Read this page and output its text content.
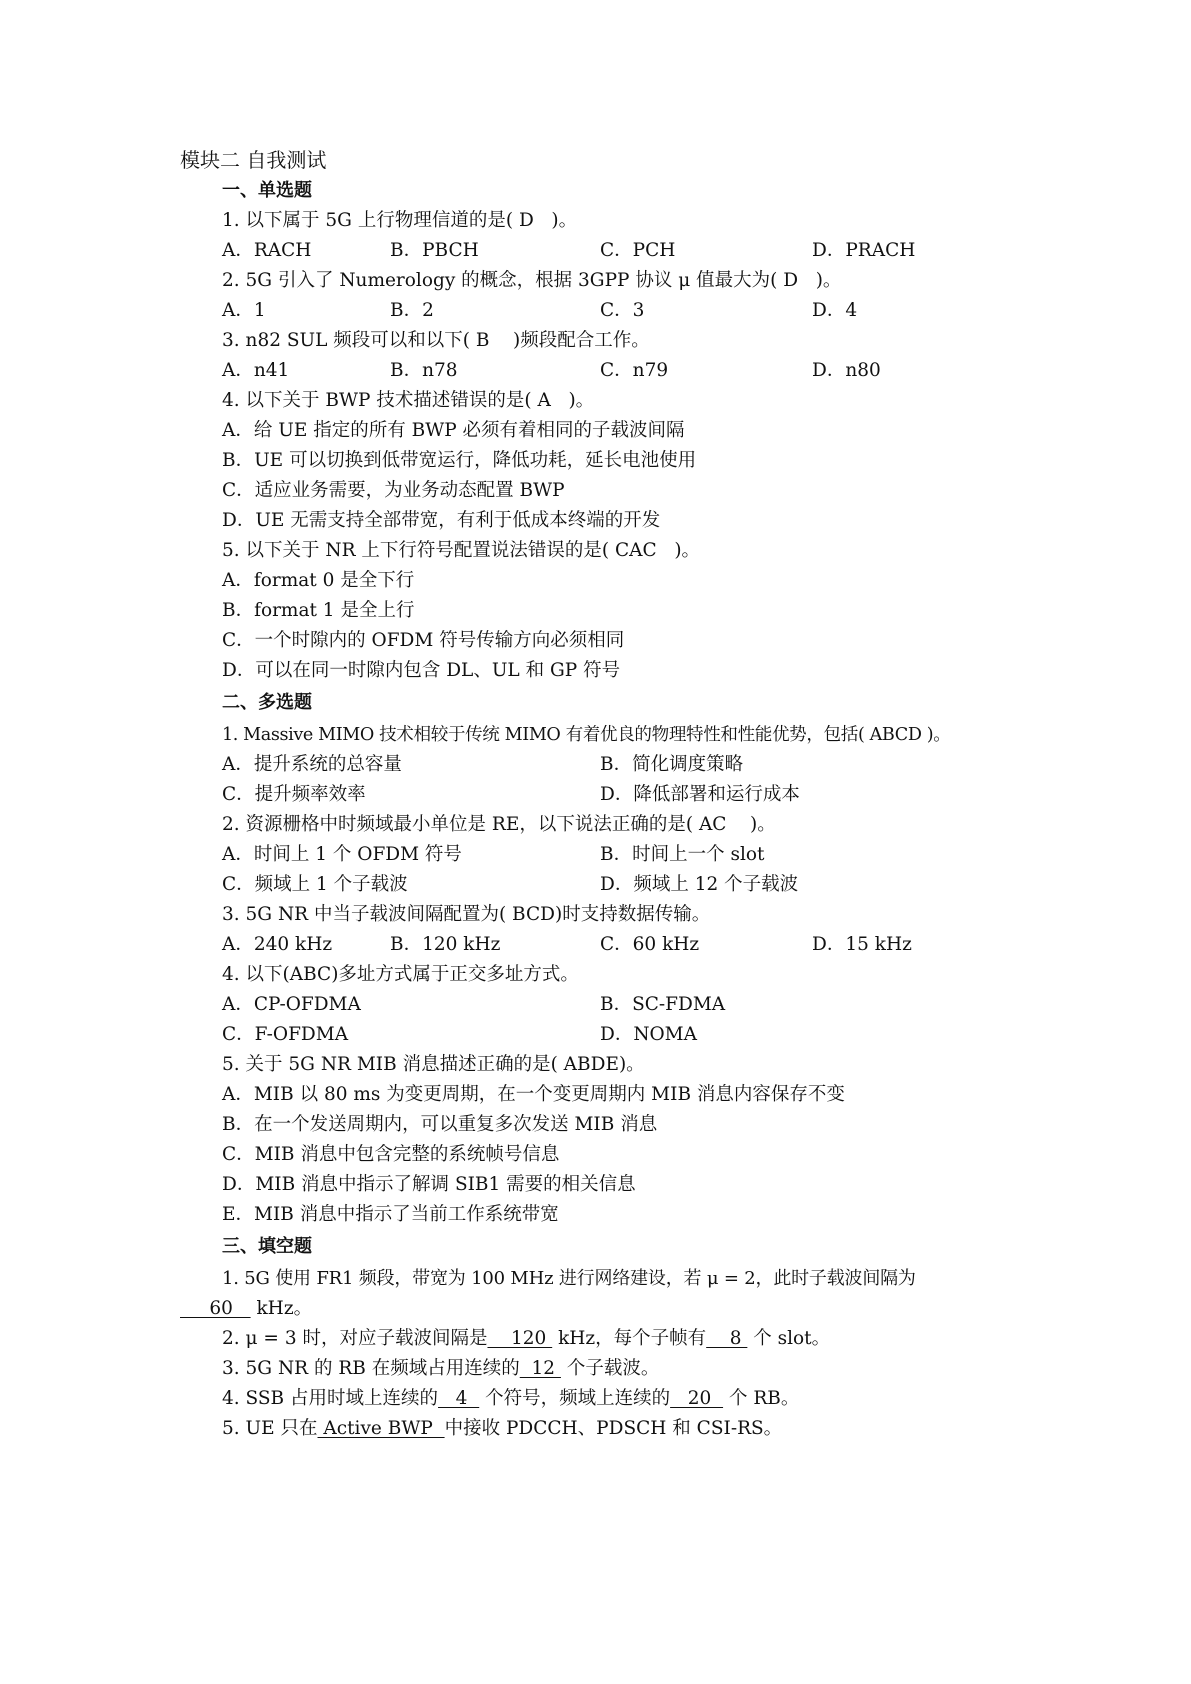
模块二 自我测试
一、单选题
1. 以下属于 5G 上行物理信道的是( D   )。
A．RACH	B．PBCH	C．PCH	D．PRACH
2. 5G 引入了 Numerology 的概念，根据 3GPP 协议 μ 值最大为( D   )。
A．1	B．2	C．3	D．4
3. n82 SUL 频段可以和以下( B    )频段配合工作。
A．n41	B．n78	C．n79	D．n80
4. 以下关于 BWP 技术描述错误的是( A   )。
A．给 UE 指定的所有 BWP 必须有着相同的子载波间隔
B．UE 可以切换到低带宽运行，降低功耗，延长电池使用
C．适应业务需要，为业务动态配置 BWP
D．UE 无需支持全部带宽，有利于低成本终端的开发
5. 以下关于 NR 上下行符号配置说法错误的是( CAC   )。
A．format 0 是全下行
B．format 1 是全上行
C．一个时隙内的 OFDM 符号传输方向必须相同
D．可以在同一时隙内包含 DL、UL 和 GP 符号
二、多选题
1. Massive MIMO 技术相较于传统 MIMO 有着优良的物理特性和性能优势，包括( ABCD )。
A．提升系统的总容量	B．简化调度策略
C．提升频率效率	D．降低部署和运行成本
2. 资源栅格中时频域最小单位是 RE，以下说法正确的是( AC    )。
A．时间上 1 个 OFDM 符号	B．时间上一个 slot
C．频域上 1 个子载波	D．频域上 12 个子载波
3. 5G NR 中当子载波间隔配置为( BCD)时支持数据传输。
A．240 kHz	B．120 kHz	C．60 kHz	D．15 kHz
4. 以下(ABC)多址方式属于正交多址方式。
A．CP-OFDMA	B．SC-FDMA
C．F-OFDMA	D．NOMA
5. 关于 5G NR MIB 消息描述正确的是( ABDE)。
A．MIB 以 80 ms 为变更周期，在一个变更周期内 MIB 消息内容保存不变
B．在一个发送周期内，可以重复多次发送 MIB 消息
C．MIB 消息中包含完整的系统帧号信息
D．MIB 消息中指示了解调 SIB1 需要的相关信息
E．MIB 消息中指示了当前工作系统带宽
三、填空题
1. 5G 使用 FR1 频段，带宽为 100 MHz 进行网络建设，若 μ = 2，此时子载波间隔为
60    kHz。
2. μ = 3 时，对应子载波间隔是    120  kHz，每个子帧有    8  个 slot。
3. 5G NR 的 RB 在频域占用连续的  12  个子载波。
4. SSB 占用时域上连续的   4   个符号，频域上连续的   20   个 RB。
5. UE 只在 Active BWP  中接收 PDCCH、PDSCH 和 CSI-RS。
